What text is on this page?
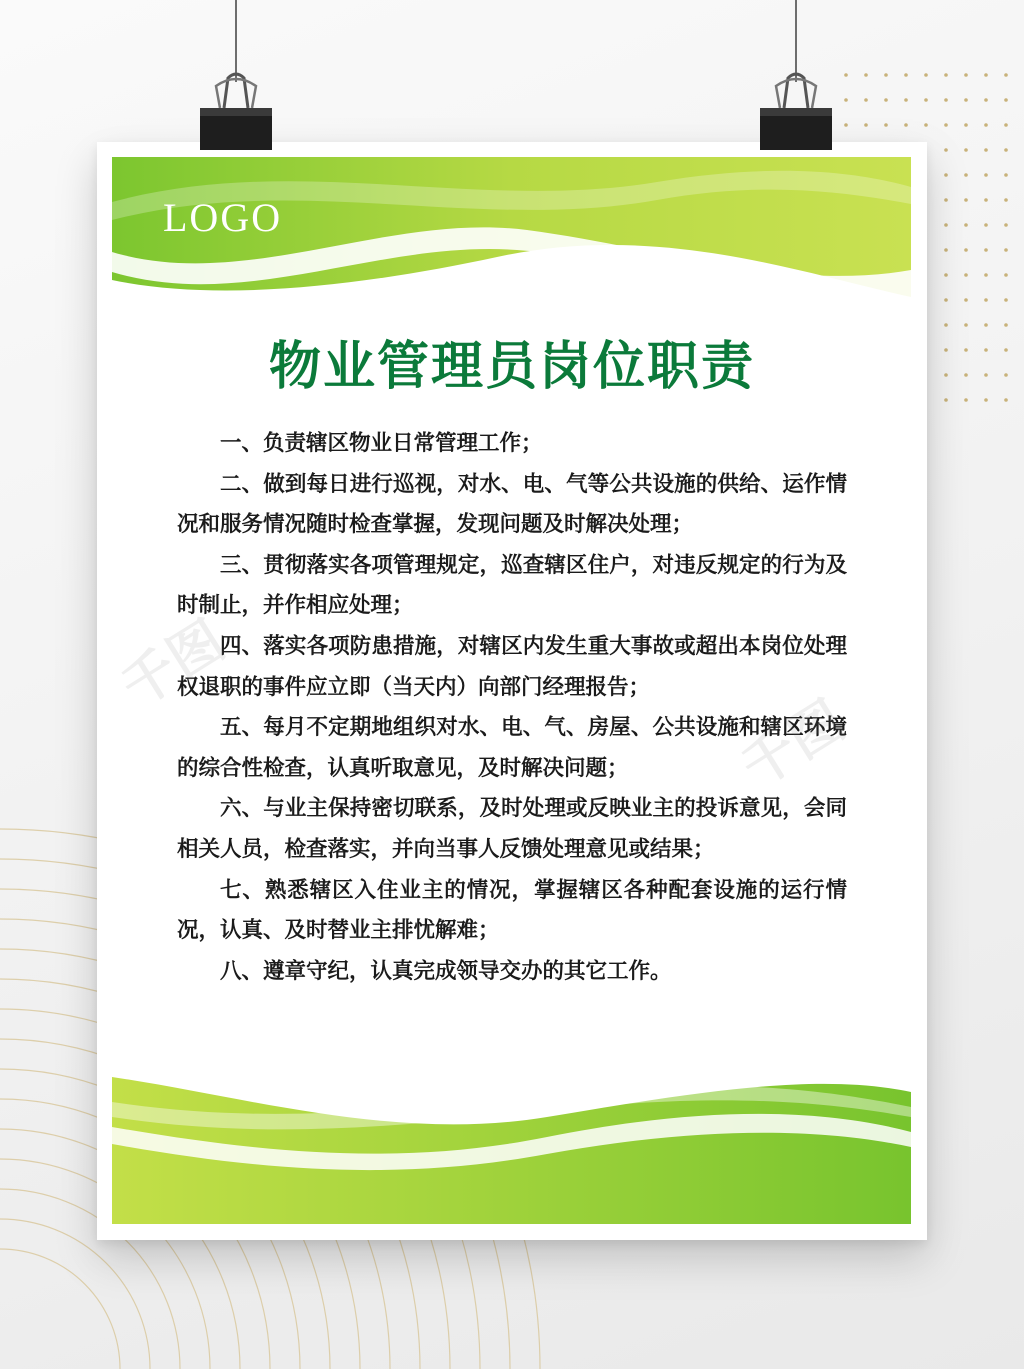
LOGO
物业管理员岗位职责

一、负责辖区物业日常管理工作；

二、做到每日进行巡视，对水、电、气等公共设施的供给、运作情况和服务情况随时检查掌握，发现问题及时解决处理；

三、贯彻落实各项管理规定，巡查辖区住户，对违反规定的行为及时制止，并作相应处理；

四、落实各项防患措施，对辖区内发生重大事故或超出本岗位处理权退职的事件应立即（当天内）向部门经理报告；

五、每月不定期地组织对水、电、气、房屋、公共设施和辖区环境的综合性检查，认真听取意见，及时解决问题；

六、与业主保持密切联系，及时处理或反映业主的投诉意见，会同相关人员，检查落实，并向当事人反馈处理意见或结果；

七、熟悉辖区入住业主的情况，掌握辖区各种配套设施的运行情况，认真、及时替业主排忧解难；

八、遵章守纪，认真完成领导交办的其它工作。

千图
千图
